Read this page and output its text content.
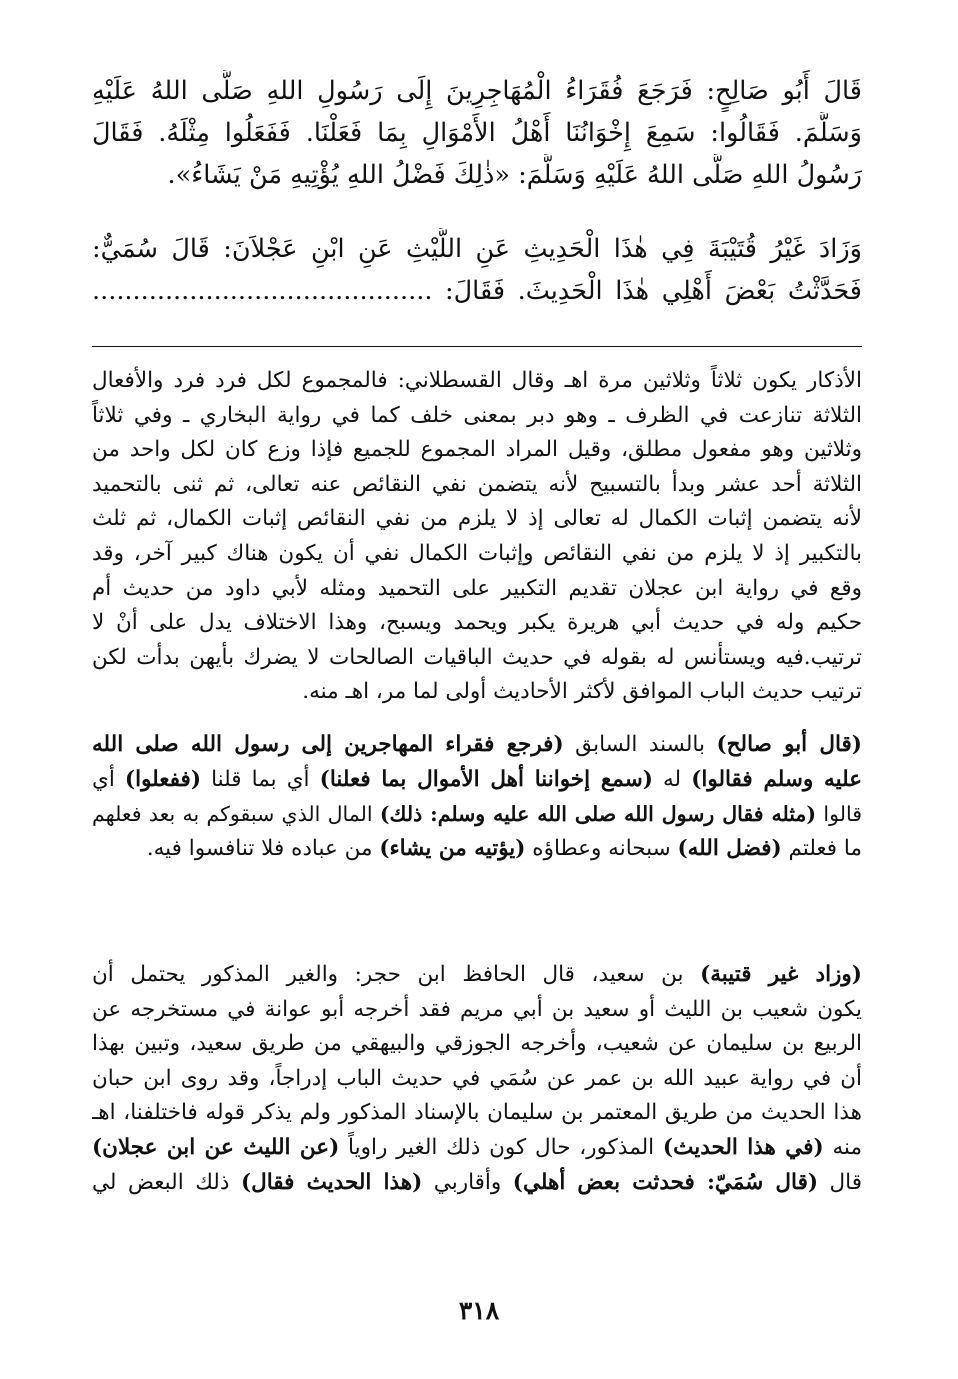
قَالَ أَبُو صَالِحٍ: فَرَجَعَ فُقَرَاءُ الْمُهَاجِرِينَ إِلَى رَسُولِ اللهِ صَلَّى اللهُ عَلَيْهِ
وَسَلَّمَ. فَقَالُوا: سَمِعَ إِخْوَانُنَا أَهْلُ الأَمْوَالِ بِمَا فَعَلْنَا. فَفَعَلُوا مِثْلَهُ. فَقَالَ
رَسُولُ اللهِ صَلَّى اللهُ عَلَيْهِ وَسَلَّمَ: «ذٰلِكَ فَضْلُ اللهِ يُؤْتِيهِ مَنْ يَشَاءُ».
وَزَادَ غَيْرُ قُتَيْبَةَ فِي هٰذَا الْحَدِيثِ عَنِ اللَّيْثِ عَنِ ابْنِ عَجْلاَنَ: قَالَ سُمَيٌّ:
فَحَدَّثْتُ بَعْضَ أَهْلِي هٰذَا الْحَدِيثَ. فَقَالَ: ..........................................
الأذكار يكون ثلاثاً وثلاثين مرة اهـ وقال القسطلاني: فالمجموع لكل فرد فرد والأفعال
الثلاثة تنازعت في الظرف ـ وهو دبر بمعنى خلف كما في رواية البخاري ـ وفي ثلاثاً
وثلاثين وهو مفعول مطلق، وقيل المراد المجموع للجميع فإذا وزع كان لكل واحد من
الثلاثة أحد عشر وبدأ بالتسبيح لأنه يتضمن نفي النقائص عنه تعالى، ثم ثنى بالتحميد
لأنه يتضمن إثبات الكمال له تعالى إذ لا يلزم من نفي النقائص إثبات الكمال، ثم ثلث
بالتكبير إذ لا يلزم من نفي النقائص وإثبات الكمال نفي أن يكون هناك كبير آخر، وقد
وقع في رواية ابن عجلان تقديم التكبير على التحميد ومثله لأبي داود من حديث أم
حكيم وله في حديث أبي هريرة يكبر ويحمد ويسبح، وهذا الاختلاف يدل على أنْ لا
ترتيب.فيه ويستأنس له بقوله في حديث الباقيات الصالحات لا يضرك بأيهن بدأت لكن
ترتيب حديث الباب الموافق لأكثر الأحاديث أولى لما مر، اهـ منه.
(قال أبو صالح) بالسند السابق (فرجع فقراء المهاجرين إلى رسول الله صلى الله
عليه وسلم فقالوا) له (سمع إخواننا أهل الأموال بما فعلنا) أي بما قلنا (ففعلوا) أي
قالوا (مثله فقال رسول الله صلى الله عليه وسلم: ذلك) المال الذي سبقوكم به بعد فعلهم
ما فعلتم (فضل الله) سبحانه وعطاؤه (يؤتيه من يشاء) من عباده فلا تنافسوا فيه.
(وزاد غير قتيبة) بن سعيد، قال الحافظ ابن حجر: والغير المذكور يحتمل أن
يكون شعيب بن الليث أو سعيد بن أبي مريم فقد أخرجه أبو عوانة في مستخرجه عن
الربيع بن سليمان عن شعيب، وأخرجه الجوزقي والبيهقي من طريق سعيد، وتبين بهذا
أن في رواية عبيد الله بن عمر عن سُمَي في حديث الباب إدراجاً، وقد روى ابن حبان
هذا الحديث من طريق المعتمر بن سليمان بالإسناد المذكور ولم يذكر قوله فاختلفنا، اهـ
منه (في هذا الحديث) المذكور، حال كون ذلك الغير راوياً (عن الليث عن ابن عجلان)
قال (قال سُمَيّ: فحدثت بعض أهلي) وأقاربي (هذا الحديث فقال) ذلك البعض لي
٣١٨
